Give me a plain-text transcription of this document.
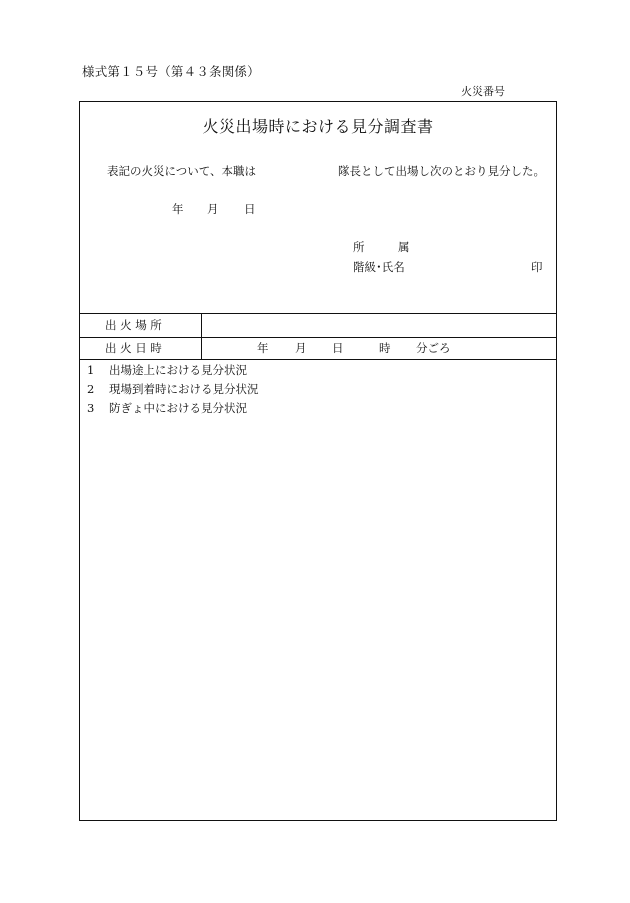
様式第１５号（第４３条関係）
火災番号
火災出場時における見分調査書
表記の火災について、本職は	隊長として出場し次のとおり見分した。
年 月 日
所	属
階級･氏名	印
出火場所
出火日時	年 月 日	時 分ごろ
1 出場途上における見分状況
2 現場到着時における見分状況
3 防ぎょ中における見分状況
